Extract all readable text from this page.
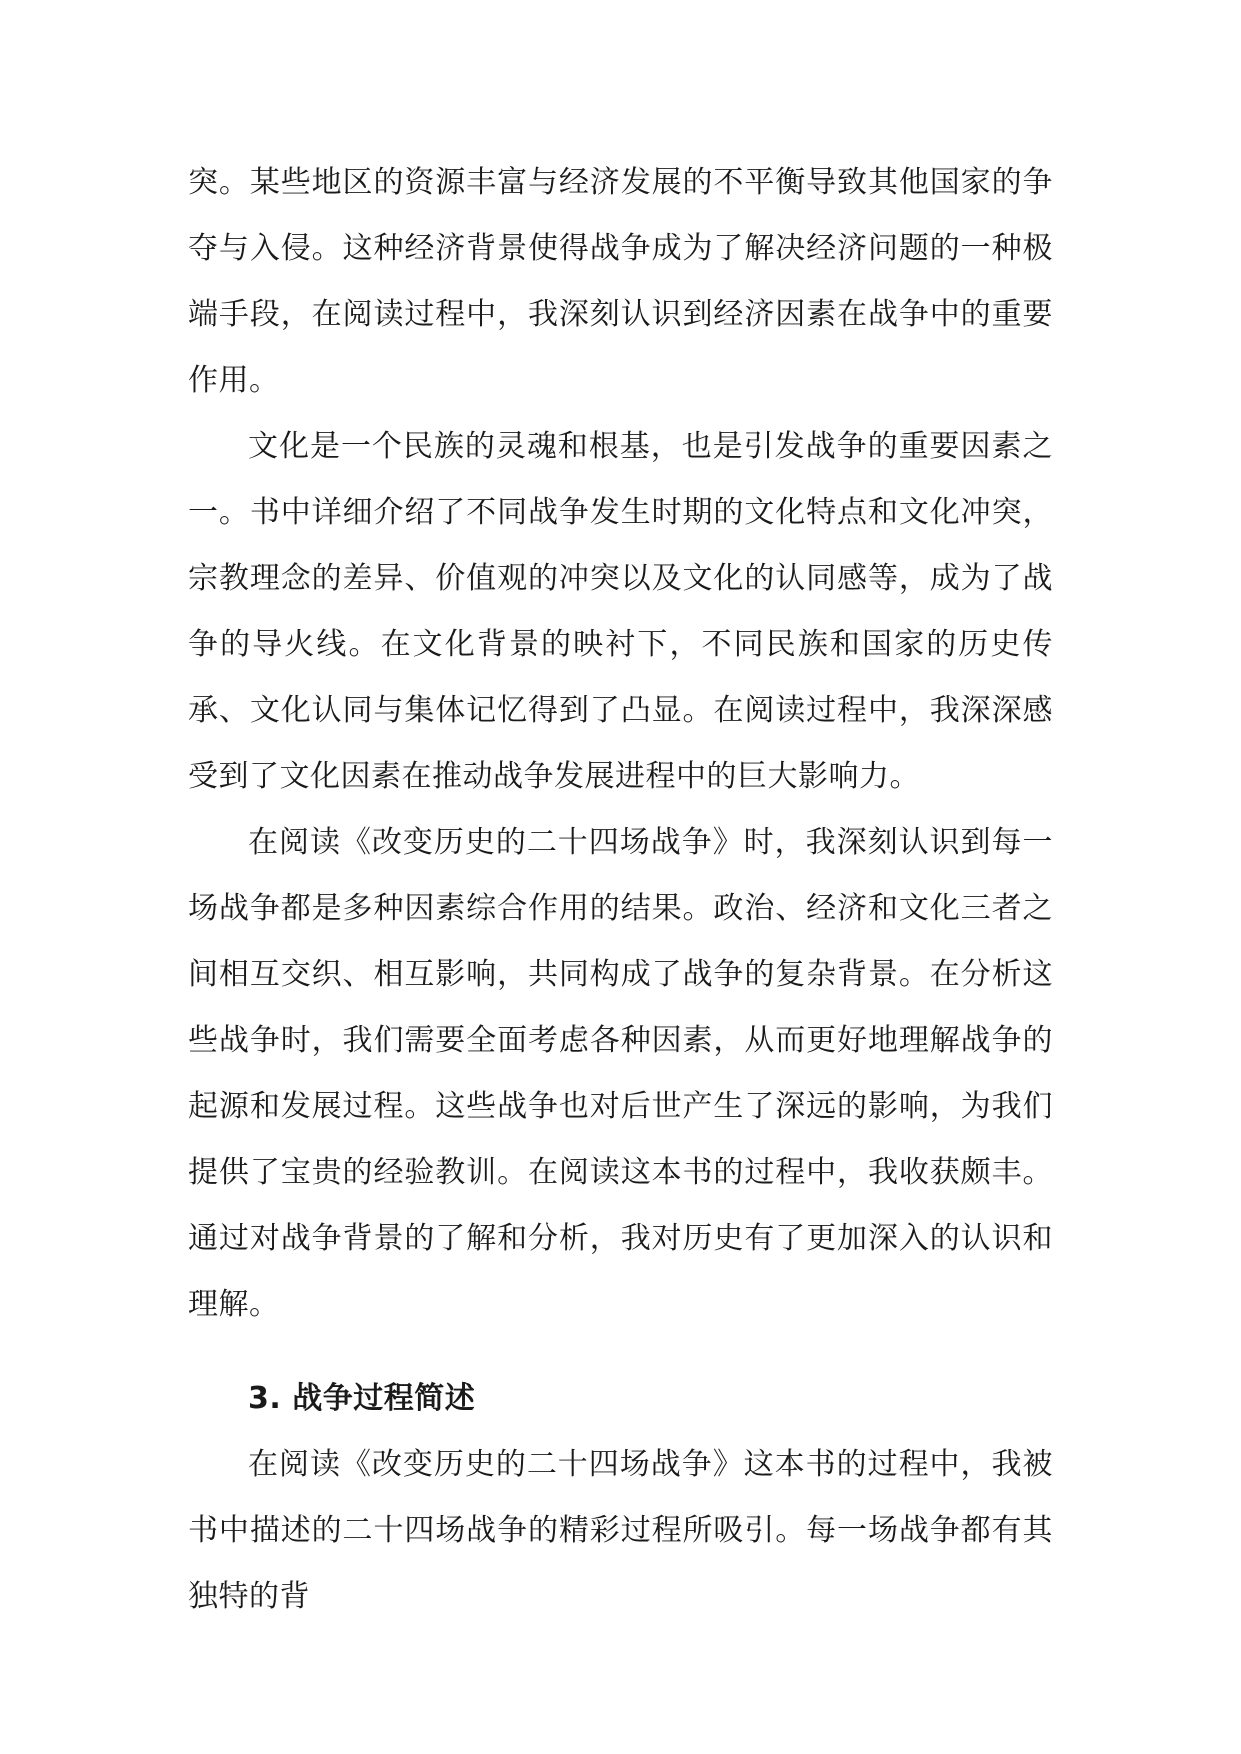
突。某些地区的资源丰富与经济发展的不平衡导致其他国家的争夺与入侵。这种经济背景使得战争成为了解决经济问题的一种极端手段，在阅读过程中，我深刻认识到经济因素在战争中的重要作用。

文化是一个民族的灵魂和根基，也是引发战争的重要因素之一。书中详细介绍了不同战争发生时期的文化特点和文化冲突，宗教理念的差异、价值观的冲突以及文化的认同感等，成为了战争的导火线。在文化背景的映衬下，不同民族和国家的历史传承、文化认同与集体记忆得到了凸显。在阅读过程中，我深深感受到了文化因素在推动战争发展进程中的巨大影响力。

在阅读《改变历史的二十四场战争》时，我深刻认识到每一场战争都是多种因素综合作用的结果。政治、经济和文化三者之间相互交织、相互影响，共同构成了战争的复杂背景。在分析这些战争时，我们需要全面考虑各种因素，从而更好地理解战争的起源和发展过程。这些战争也对后世产生了深远的影响，为我们提供了宝贵的经验教训。在阅读这本书的过程中，我收获颇丰。通过对战争背景的了解和分析，我对历史有了更加深入的认识和理解。

3. 战争过程简述

在阅读《改变历史的二十四场战争》这本书的过程中，我被书中描述的二十四场战争的精彩过程所吸引。每一场战争都有其独特的背
